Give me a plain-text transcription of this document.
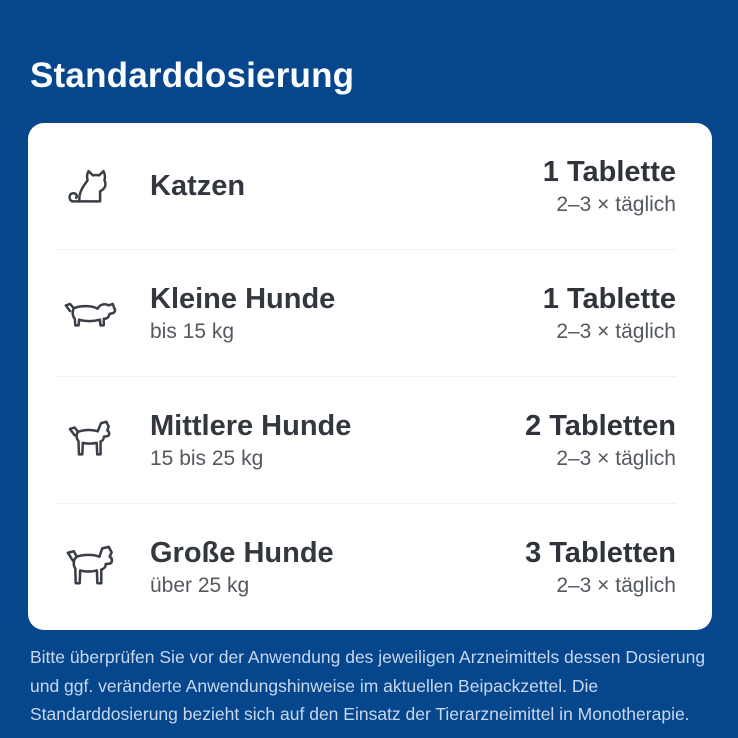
Standarddosierung
Katzen	1 Tablette
2–3 × täglich
Kleine Hunde
bis 15 kg
1 Tablette
2–3 × täglich
Mittlere Hunde
15 bis 25 kg
2 Tabletten
2–3 × täglich
Große Hunde
über 25 kg
3 Tabletten
2–3 × täglich

Bitte überprüfen Sie vor der Anwendung des jeweiligen Arzneimittels dessen Dosierung und ggf. veränderte Anwendungshinweise im aktuellen Beipackzettel. Die Standarddosierung bezieht sich auf den Einsatz der Tierarzneimittel in Monotherapie.
